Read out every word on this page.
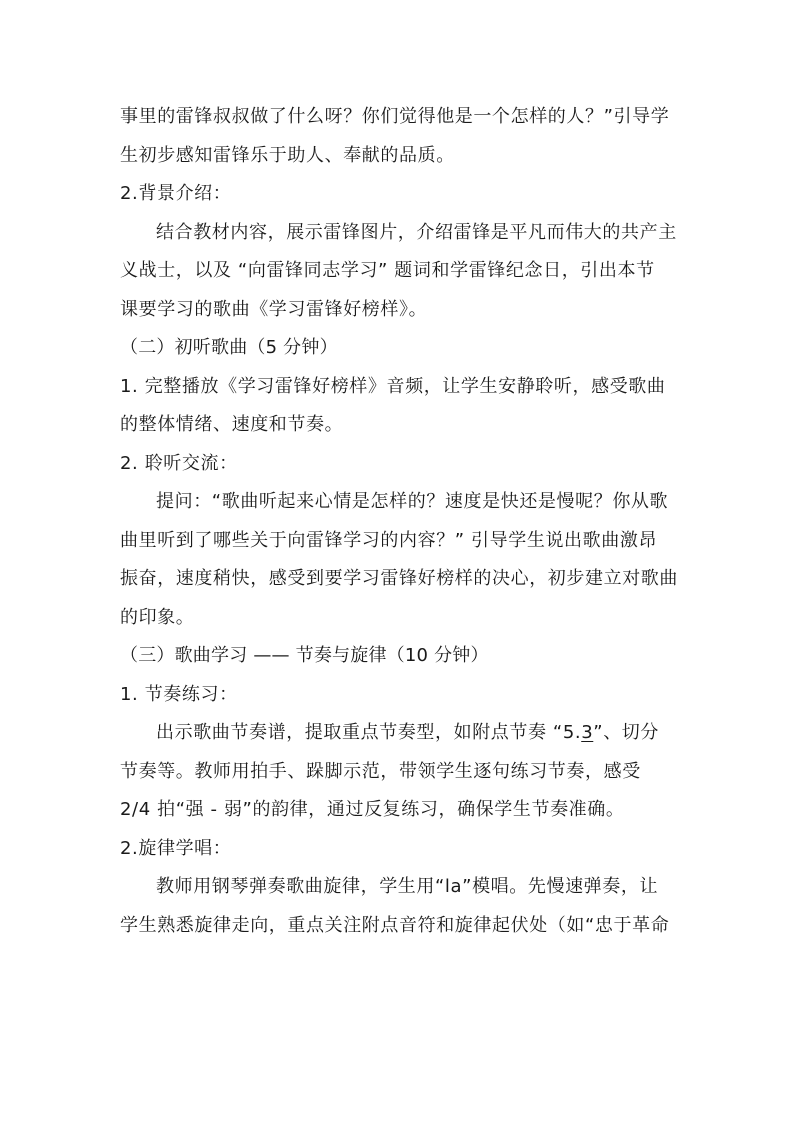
事里的雷锋叔叔做了什么呀？你们觉得他是一个怎样的人？”引导学
生初步感知雷锋乐于助人、奉献的品质。
2.背景介绍：
结合教材内容，展示雷锋图片，介绍雷锋是平凡而伟大的共产主
义战士，以及 “向雷锋同志学习” 题词和学雷锋纪念日，引出本节
课要学习的歌曲《学习雷锋好榜样》。
（二）初听歌曲（5 分钟）
1. 完整播放《学习雷锋好榜样》音频，让学生安静聆听，感受歌曲
的整体情绪、速度和节奏。
2. 聆听交流：
提问：“歌曲听起来心情是怎样的？速度是快还是慢呢？你从歌
曲里听到了哪些关于向雷锋学习的内容？” 引导学生说出歌曲激昂
振奋，速度稍快，感受到要学习雷锋好榜样的决心，初步建立对歌曲
的印象。
（三）歌曲学习 —— 节奏与旋律（10 分钟）
1. 节奏练习：
出示歌曲节奏谱，提取重点节奏型，如附点节奏 “5.3”、切分
节奏等。教师用拍手、跺脚示范，带领学生逐句练习节奏，感受
2/4 拍“强 - 弱”的韵律，通过反复练习，确保学生节奏准确。
2.旋律学唱：
教师用钢琴弹奏歌曲旋律，学生用“la”模唱。先慢速弹奏，让
学生熟悉旋律走向，重点关注附点音符和旋律起伏处（如“忠于革命
